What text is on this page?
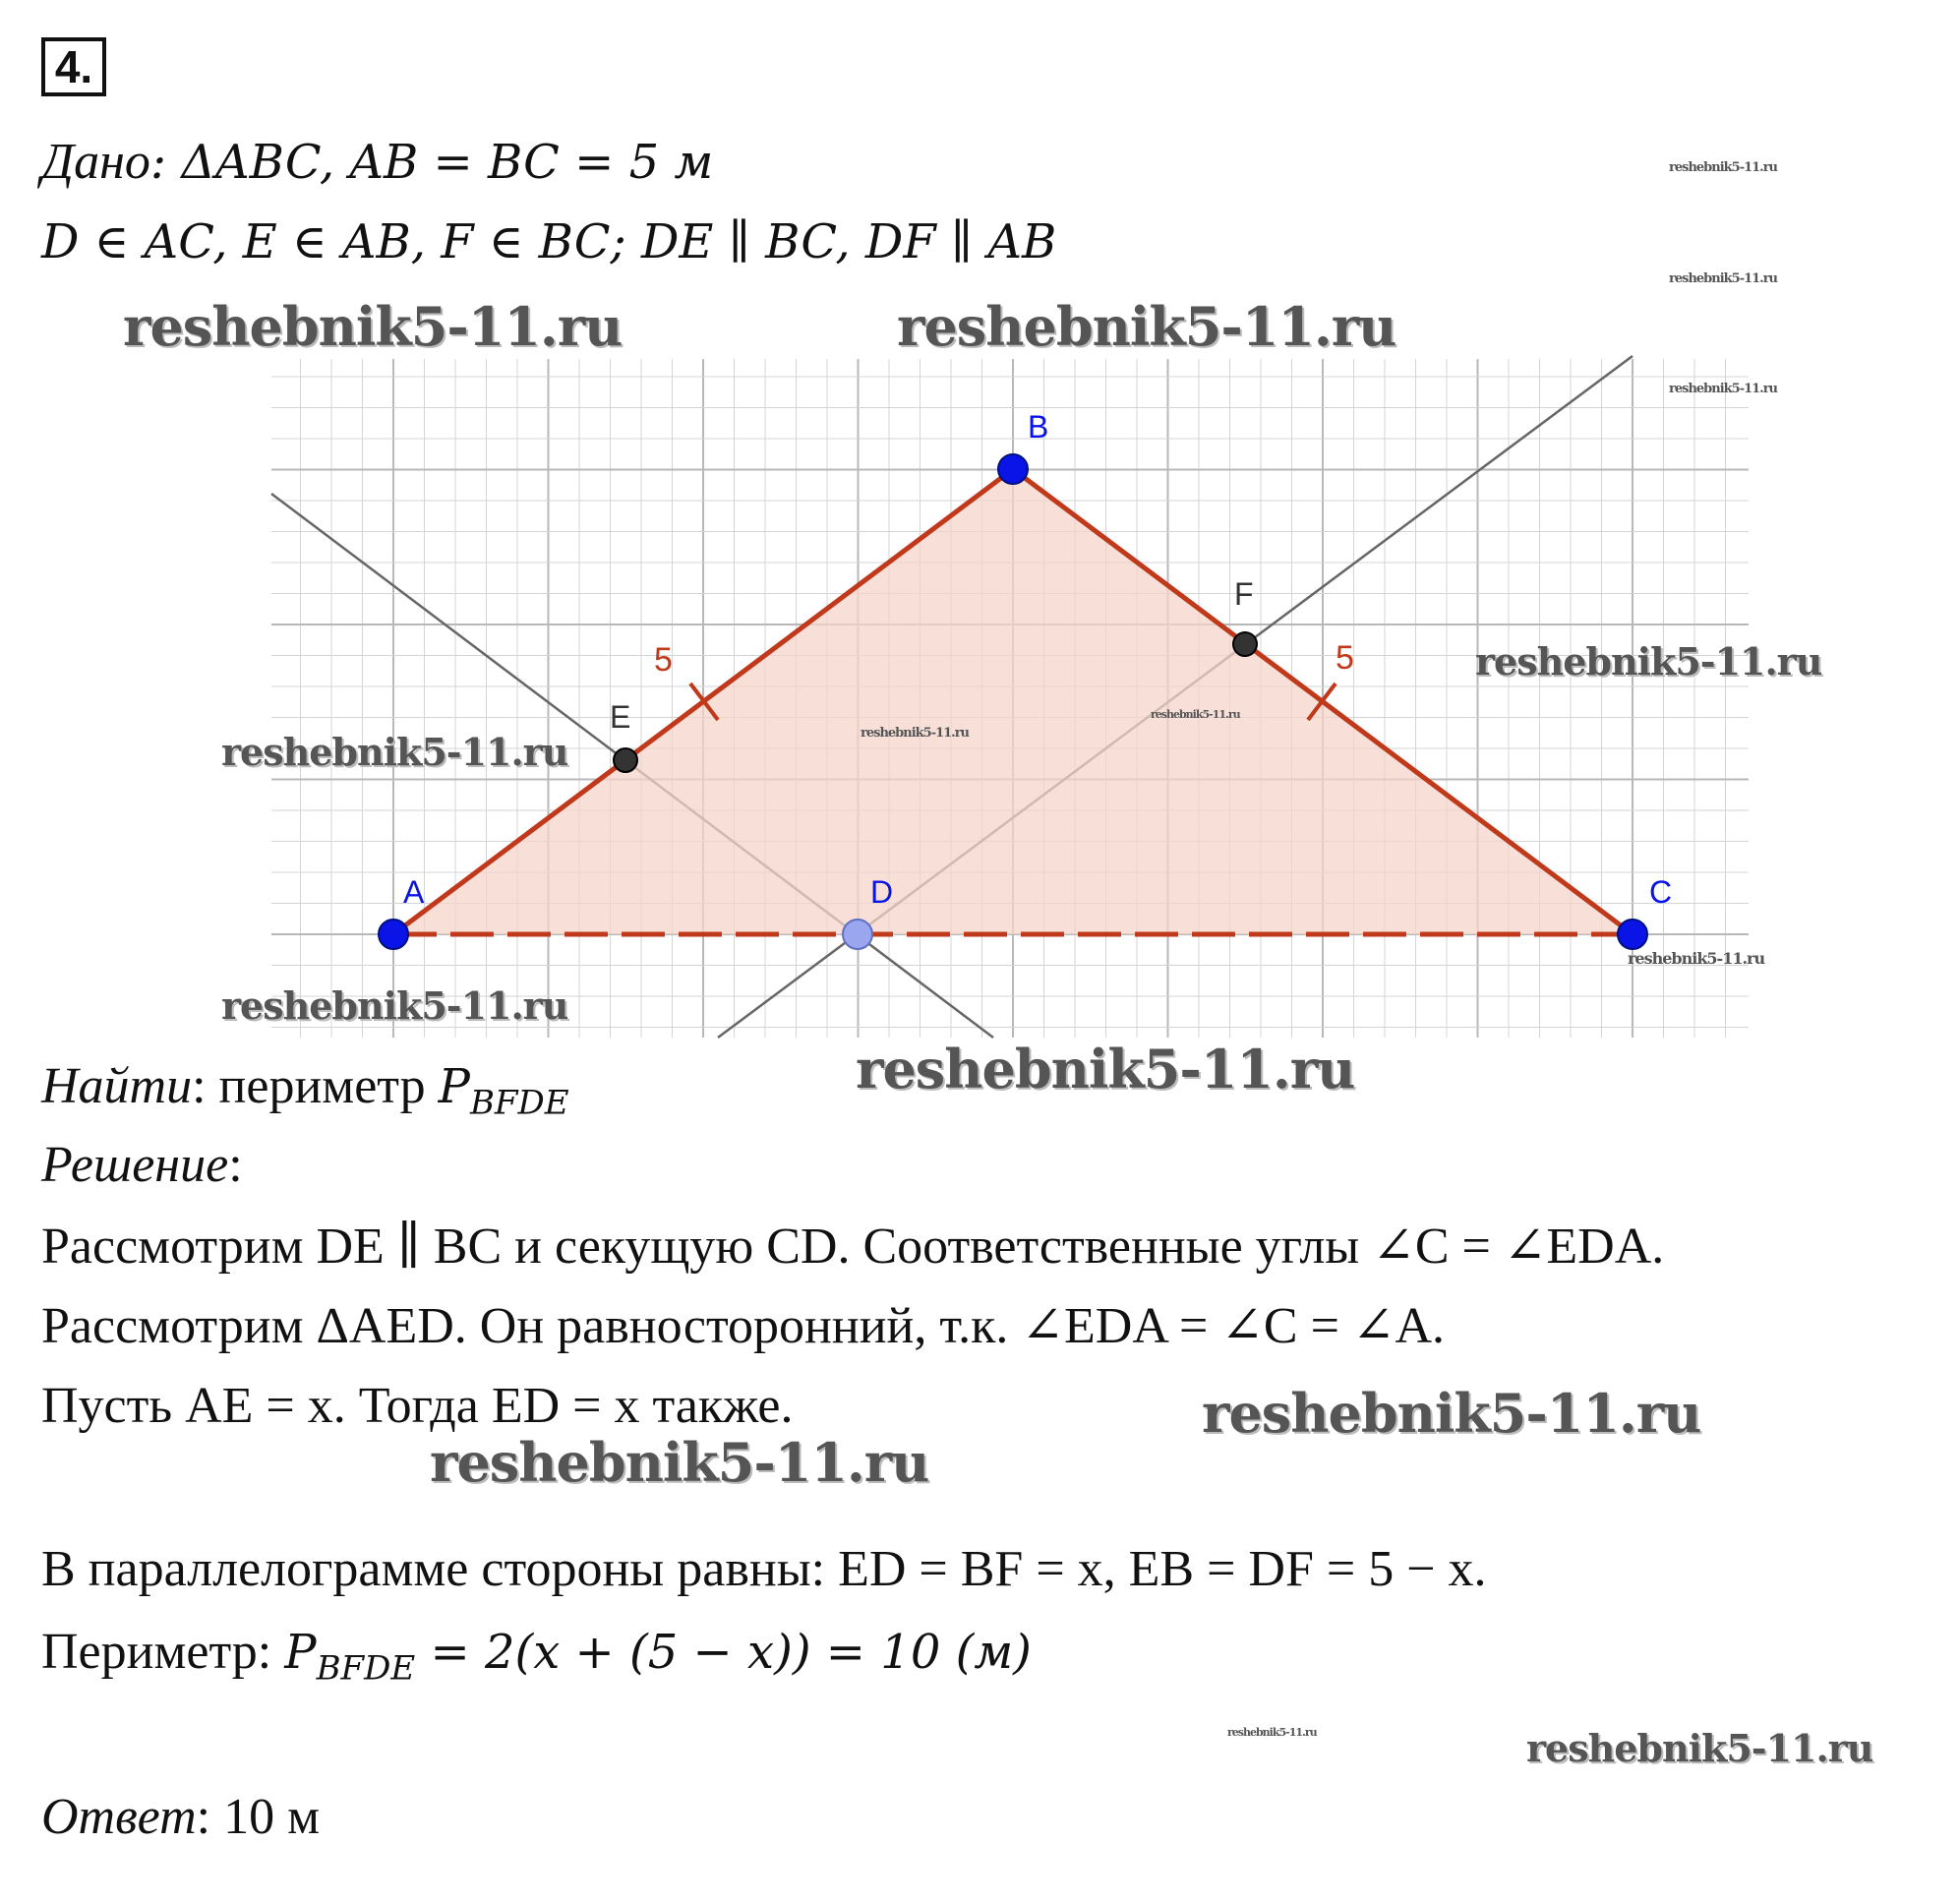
4.
Дано: ΔABC, AB = BC = 5 м
D ∈ AC, E ∈ AB, F ∈ BC; DE ∥ BC, DF ∥ AB
5	5
A
B
C
D
E
F
Найти: периметр $P_{BFDE}$
Решение:
Рассмотрим DE ∥ BC и секущую CD. Соответственные углы ∠C = ∠EDA.
Рассмотрим ΔAED. Он равносторонний, т.к. ∠EDA = ∠C = ∠A.
Пусть AE = x. Тогда ED = x также.
В параллелограмме стороны равны: ED = BF = x, EB = DF = 5 − x.
Периметр: $P_{BFDE} = 2(x + (5 - x)) = 10$ (м)
Ответ: 10 м
reshebnik5-11.ru	reshebnik5-11.ru
reshebnik5-11.ru
reshebnik5-11.ru
reshebnik5-11.ru
reshebnik5-11.ru
reshebnik5-11.ru
reshebnik5-11.ru
reshebnik5-11.ru
reshebnik5-11.ru
reshebnik5-11.ru
reshebnik5-11.ru
reshebnik5-11.ru
reshebnik5-11.ru
reshebnik5-11.ru
reshebnik5-11.ru
